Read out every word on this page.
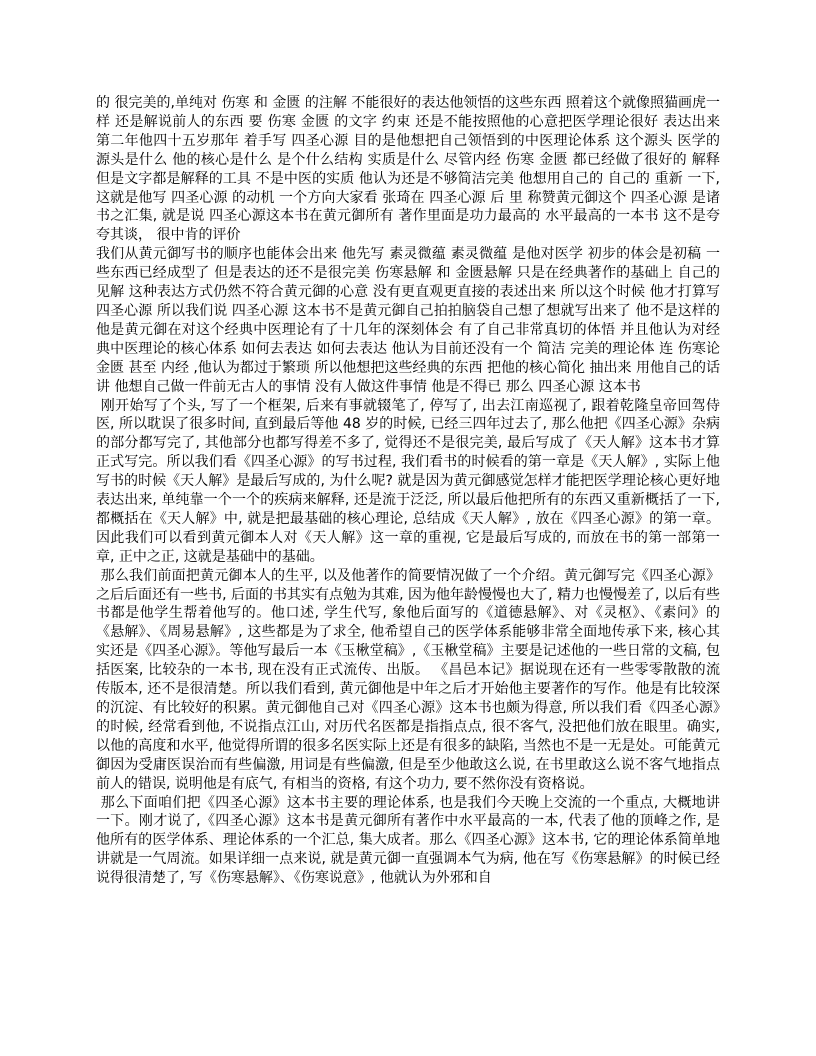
的 很完美的,单纯对 伤寒 和 金匮 的注解 不能很好的表达他领悟的这些东西 照着这个就像照猫画虎一样 还是解说前人的东西 要 伤寒 金匮 的文字 约束 还是不能按照他的心意把医学理论很好 表达出来 第二年他四十五岁那年 着手写 四圣心源 目的是他想把自己领悟到的中医理论体系 这个源头 医学的源头是什么 他的核心是什么 是个什么结构 实质是什么 尽管内经 伤寒 金匮 都已经做了很好的 解释 但是文字都是解释的工具 不是中医的实质 他认为还是不够简洁完美 他想用自己的 自己的 重新 一下, 这就是他写 四圣心源 的动机 一个方向大家看 张琦在 四圣心源 后 里 称赞黄元御这个 四圣心源 是诸书之汇集, 就是说 四圣心源这本书在黄元御所有 著作里面是功力最高的 水平最高的一本书 这不是夸夸其谈， 很中肯的评价

我们从黄元御写书的顺序也能体会出来 他先写 素灵微蕴 素灵微蕴 是他对医学 初步的体会是初稿 一些东西已经成型了 但是表达的还不是很完美 伤寒悬解 和 金匮悬解 只是在经典著作的基础上 自己的见解 这种表达方式仍然不符合黄元御的心意 没有更直观更直接的表述出来 所以这个时候 他才打算写 四圣心源 所以我们说 四圣心源 这本书不是黄元御自己拍拍脑袋自己想了想就写出来了 他不是这样的 他是黄元御在对这个经典中医理论有了十几年的深刻体会 有了自己非常真切的体悟 并且他认为对经典中医理论的核心体系 如何去表达 如何去表达 他认为目前还没有一个 简洁 完美的理论体 连 伤寒论 金匮 甚至 内经 ,他认为都过于繁琐 所以他想把这些经典的东西 把他的核心简化 抽出来 用他自己的话讲 他想自己做一件前无古人的事情 没有人做这件事情 他是不得已 那么 四圣心源 这本书

刚开始写了个头, 写了一个框架, 后来有事就辍笔了, 停写了, 出去江南巡视了, 跟着乾隆皇帝回驾侍医, 所以耽误了很多时间, 直到最后等他 48 岁的时候, 已经三四年过去了, 那么他把《四圣心源》杂病的部分都写完了, 其他部分也都写得差不多了, 觉得还不是很完美, 最后写成了《天人解》这本书才算正式写完。所以我们看《四圣心源》的写书过程, 我们看书的时候看的第一章是《天人解》, 实际上他写书的时候《天人解》是最后写成的, 为什么呢? 就是因为黄元御感觉怎样才能把医学理论核心更好地表达出来, 单纯靠一个一个的疾病来解释, 还是流于泛泛, 所以最后他把所有的东西又重新概括了一下, 都概括在《天人解》中, 就是把最基础的核心理论, 总结成《天人解》, 放在《四圣心源》的第一章。因此我们可以看到黄元御本人对《天人解》这一章的重视, 它是最后写成的, 而放在书的第一部第一章, 正中之正, 这就是基础中的基础。

那么我们前面把黄元御本人的生平, 以及他著作的简要情况做了一个介绍。黄元御写完《四圣心源》之后后面还有一些书, 后面的书其实有点勉为其难, 因为他年龄慢慢也大了, 精力也慢慢差了, 以后有些书都是他学生帮着他写的。他口述, 学生代写, 象他后面写的《道德悬解》、对《灵枢》、《素问》的《悬解》、《周易悬解》, 这些都是为了求全, 他希望自己的医学体系能够非常全面地传承下来, 核心其实还是《四圣心源》。等他写最后一本《玉楸堂稿》,《玉楸堂稿》主要是记述他的一些日常的文稿, 包括医案, 比较杂的一本书, 现在没有正式流传、出版。 《昌邑本记》据说现在还有一些零零散散的流传版本, 还不是很清楚。所以我们看到, 黄元御他是中年之后才开始他主要著作的写作。他是有比较深的沉淀、有比较好的积累。黄元御他自己对《四圣心源》这本书也颇为得意, 所以我们看《四圣心源》的时候, 经常看到他, 不说指点江山, 对历代名医都是指指点点, 很不客气, 没把他们放在眼里。确实, 以他的高度和水平, 他觉得所谓的很多名医实际上还是有很多的缺陷, 当然也不是一无是处。可能黄元御因为受庸医误治而有些偏激, 用词是有些偏激, 但是至少他敢这么说, 在书里敢这么说不客气地指点前人的错误, 说明他是有底气, 有相当的资格, 有这个功力, 要不然你没有资格说。

那么下面咱们把《四圣心源》这本书主要的理论体系, 也是我们今天晚上交流的一个重点, 大概地讲一下。刚才说了,《四圣心源》这本书是黄元御所有著作中水平最高的一本, 代表了他的顶峰之作, 是他所有的医学体系、理论体系的一个汇总, 集大成者。那么《四圣心源》这本书, 它的理论体系简单地讲就是一气周流。如果详细一点来说, 就是黄元御一直强调本气为病, 他在写《伤寒悬解》的时候已经说得很清楚了, 写《伤寒悬解》、《伤寒说意》, 他就认为外邪和自
